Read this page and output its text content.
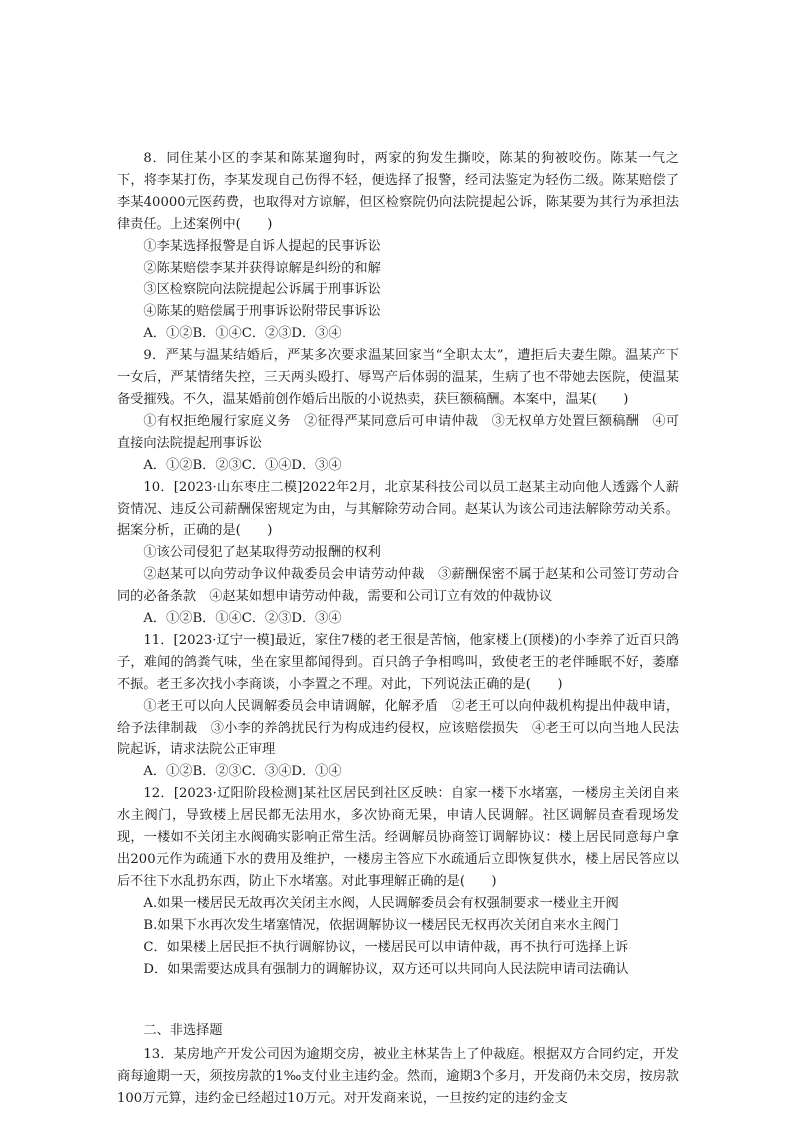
8．同住某小区的李某和陈某遛狗时，两家的狗发生撕咬，陈某的狗被咬伤。陈某一气之下，将李某打伤，李某发现自己伤得不轻，便选择了报警，经司法鉴定为轻伤二级。陈某赔偿了李某40000元医药费，也取得对方谅解，但区检察院仍向法院提起公诉，陈某要为其行为承担法律责任。上述案例中(　　)

①李某选择报警是自诉人提起的民事诉讼

②陈某赔偿李某并获得谅解是纠纷的和解

③区检察院向法院提起公诉属于刑事诉讼

④陈某的赔偿属于刑事诉讼附带民事诉讼

A．①②B．①④C．②③D．③④

9．严某与温某结婚后，严某多次要求温某回家当“全职太太”，遭拒后夫妻生隙。温某产下一女后，严某情绪失控，三天两头殴打、辱骂产后体弱的温某，生病了也不带她去医院，使温某备受摧残。不久，温某婚前创作婚后出版的小说热卖，获巨额稿酬。本案中，温某(　　)

①有权拒绝履行家庭义务　②征得严某同意后可申请仲裁　③无权单方处置巨额稿酬　④可直接向法院提起刑事诉讼

A．①②B．②③C．①④D．③④

10．[2023·山东枣庄二模]2022年2月，北京某科技公司以员工赵某主动向他人透露个人薪资情况、违反公司薪酬保密规定为由，与其解除劳动合同。赵某认为该公司违法解除劳动关系。据案分析，正确的是(　　)

①该公司侵犯了赵某取得劳动报酬的权利

②赵某可以向劳动争议仲裁委员会申请劳动仲裁　③薪酬保密不属于赵某和公司签订劳动合同的必备条款　④赵某如想申请劳动仲裁，需要和公司订立有效的仲裁协议

A．①②B．①④C．②③D．③④

11．[2023·辽宁一模]最近，家住7楼的老王很是苦恼，他家楼上(顶楼)的小李养了近百只鸽子，难闻的鸽粪气味，坐在家里都闻得到。百只鸽子争相鸣叫，致使老王的老伴睡眠不好，萎靡不振。老王多次找小李商谈，小李置之不理。对此，下列说法正确的是(　　)

①老王可以向人民调解委员会申请调解，化解矛盾　②老王可以向仲裁机构提出仲裁申请，给予法律制裁　③小李的养鸽扰民行为构成违约侵权，应该赔偿损失　④老王可以向当地人民法院起诉，请求法院公正审理

A．①②B．②③C．③④D．①④

12．[2023·辽阳阶段检测]某社区居民到社区反映：自家一楼下水堵塞，一楼房主关闭自来水主阀门，导致楼上居民都无法用水，多次协商无果，申请人民调解。社区调解员查看现场发现，一楼如不关闭主水阀确实影响正常生活。经调解员协商签订调解协议：楼上居民同意每户拿出200元作为疏通下水的费用及维护，一楼房主答应下水疏通后立即恢复供水，楼上居民答应以后不往下水乱扔东西，防止下水堵塞。对此事理解正确的是(　　)

A.如果一楼居民无故再次关闭主水阀，人民调解委员会有权强制要求一楼业主开阀

B.如果下水再次发生堵塞情况，依据调解协议一楼居民无权再次关闭自来水主阀门

C．如果楼上居民拒不执行调解协议，一楼居民可以申请仲裁，再不执行可选择上诉

D．如果需要达成具有强制力的调解协议，双方还可以共同向人民法院申请司法确认

二、非选择题

13．某房地产开发公司因为逾期交房，被业主林某告上了仲裁庭。根据双方合同约定，开发商每逾期一天，须按房款的1‰支付业主违约金。然而，逾期3个多月，开发商仍未交房，按房款100万元算，违约金已经超过10万元。对开发商来说，一旦按约定的违约金支
